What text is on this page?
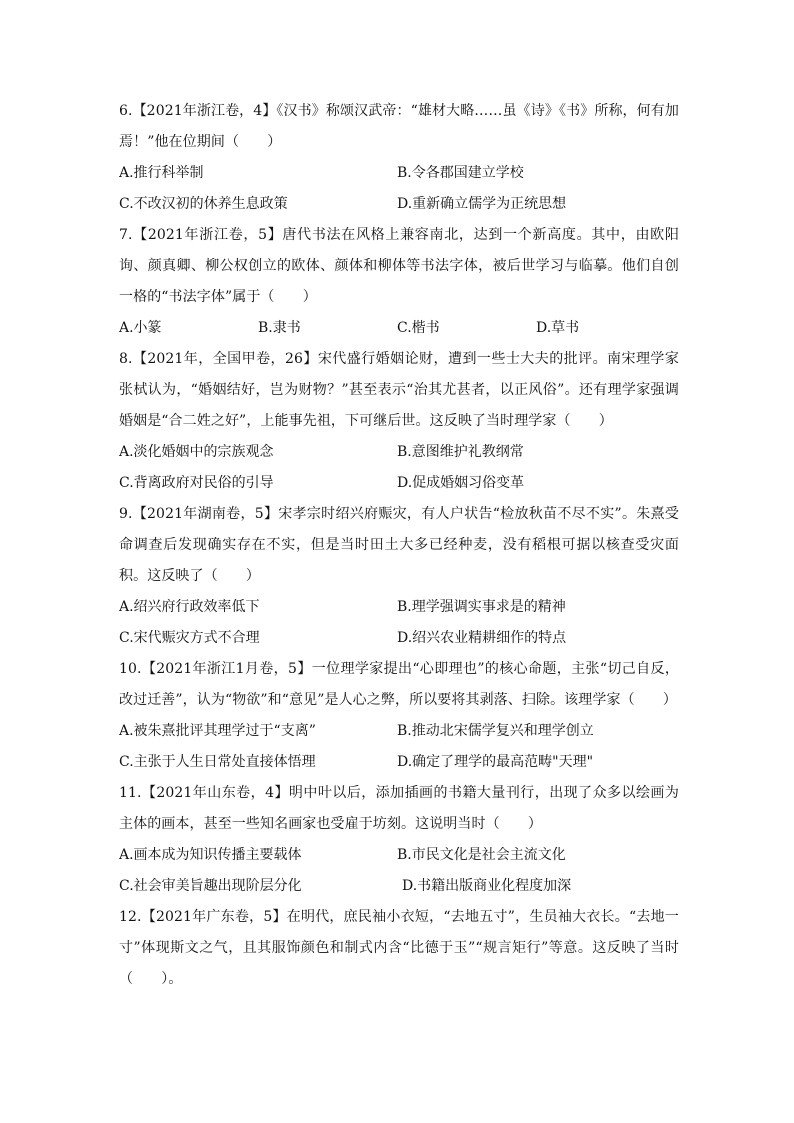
6.【2021年浙江卷，4】《汉书》称颂汉武帝：“雄材大略……虽《诗》《书》所称，何有加焉！”他在位期间（　　）

A.推行科举制	B.令各郡国建立学校
C.不改汉初的休养生息政策	D.重新确立儒学为正统思想

7.【2021年浙江卷，5】唐代书法在风格上兼容南北，达到一个新高度。其中，由欧阳询、颜真卿、柳公权创立的欧体、颜体和柳体等书法字体，被后世学习与临摹。他们自创一格的“书法字体”属于（　　）

A.小篆	B.隶书	C.楷书	D.草书

8.【2021年，全国甲卷，26】宋代盛行婚姻论财，遭到一些士大夫的批评。南宋理学家张栻认为，“婚姻结好，岂为财物？”甚至表示“治其尤甚者，以正风俗”。还有理学家强调婚姻是“合二姓之好”，上能事先祖，下可继后世。这反映了当时理学家（　　）

A.淡化婚姻中的宗族观念	B.意图维护礼教纲常
C.背离政府对民俗的引导	D.促成婚姻习俗变革

9.【2021年湖南卷，5】宋孝宗时绍兴府赈灾，有人户状告“检放秋苗不尽不实”。朱熹受命调查后发现确实存在不实，但是当时田土大多已经种麦，没有稻根可据以核查受灾面积。这反映了（　　）

A.绍兴府行政效率低下	B.理学强调实事求是的精神
C.宋代赈灾方式不合理	D.绍兴农业精耕细作的特点

10.【2021年浙江1月卷，5】一位理学家提出“心即理也”的核心命题，主张“切己自反，改过迁善”，认为“物欲”和“意见”是人心之弊，所以要将其剥落、扫除。该理学家（　　）

A.被朱熹批评其理学过于“支离”	B.推动北宋儒学复兴和理学创立
C.主张于人生日常处直接体悟理	D.确定了理学的最高范畴"天理"

11.【2021年山东卷，4】明中叶以后，添加插画的书籍大量刊行，出现了众多以绘画为主体的画本，甚至一些知名画家也受雇于坊刻。这说明当时（　　）

A.画本成为知识传播主要载体	B.市民文化是社会主流文化
C.社会审美旨趣出现阶层分化	D.书籍出版商业化程度加深

12.【2021年广东卷，5】在明代，庶民袖小衣短，“去地五寸”，生员袖大衣长。“去地一寸”体现斯文之气，且其服饰颜色和制式内含“比德于玉”“规言矩行”等意。这反映了当时（　　）。
